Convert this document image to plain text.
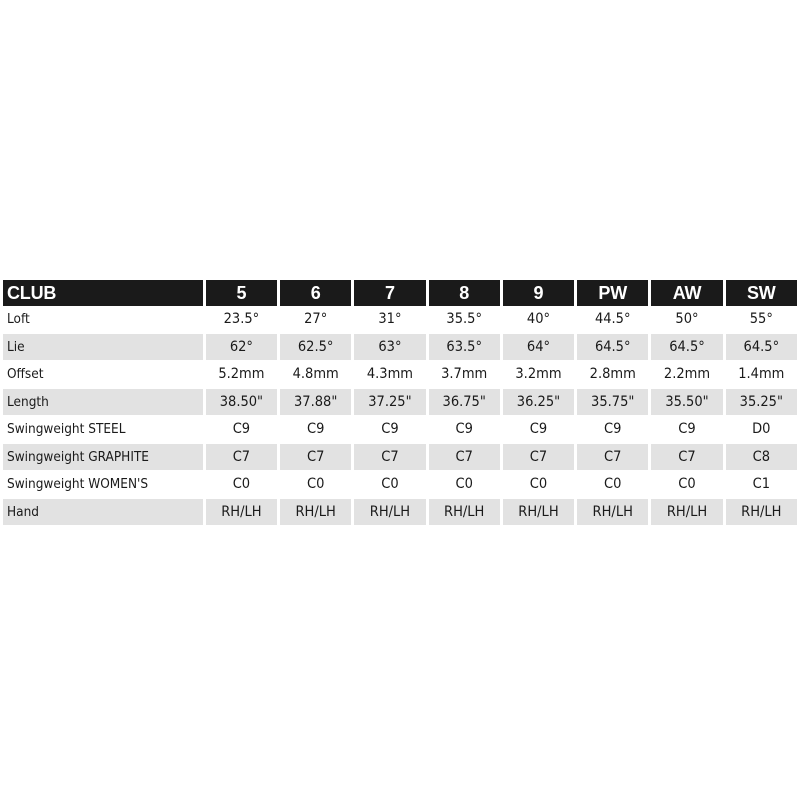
CLUB	5	6	7	8	9	PW	AW	SW
Loft	23.5°	27°	31°	35.5°	40°	44.5°	50°	55°
Lie	62°	62.5°	63°	63.5°	64°	64.5°	64.5°	64.5°
Offset	5.2mm	4.8mm	4.3mm	3.7mm	3.2mm	2.8mm	2.2mm	1.4mm
Length	38.50"	37.88"	37.25"	36.75"	36.25"	35.75"	35.50"	35.25"
Swingweight STEEL	C9	C9	C9	C9	C9	C9	C9	D0
Swingweight GRAPHITE	C7	C7	C7	C7	C7	C7	C7	C8
Swingweight WOMEN'S	C0	C0	C0	C0	C0	C0	C0	C1
Hand	RH/LH	RH/LH	RH/LH	RH/LH	RH/LH	RH/LH	RH/LH	RH/LH
